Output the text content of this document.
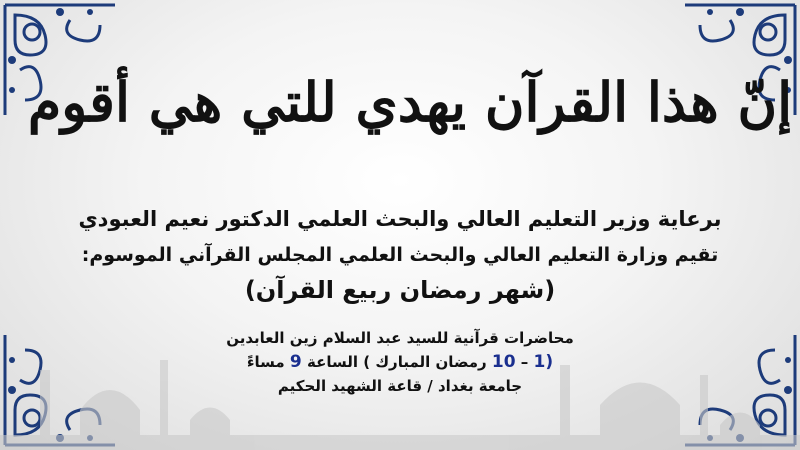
إنّ هذا القرآن يهدي للتي هي أقوم

برعاية وزير التعليم العالي والبحث العلمي الدكتور نعيم العبودي

تقيم وزارة التعليم العالي والبحث العلمي المجلس القرآني الموسوم:

(شهر رمضان ربيع القرآن)

محاضرات قرآنية للسيد عبد السلام زين العابدين

(1 – 10 رمضان المبارك ) الساعة 9 مساءً

جامعة بغداد / قاعة الشهيد الحكيم
